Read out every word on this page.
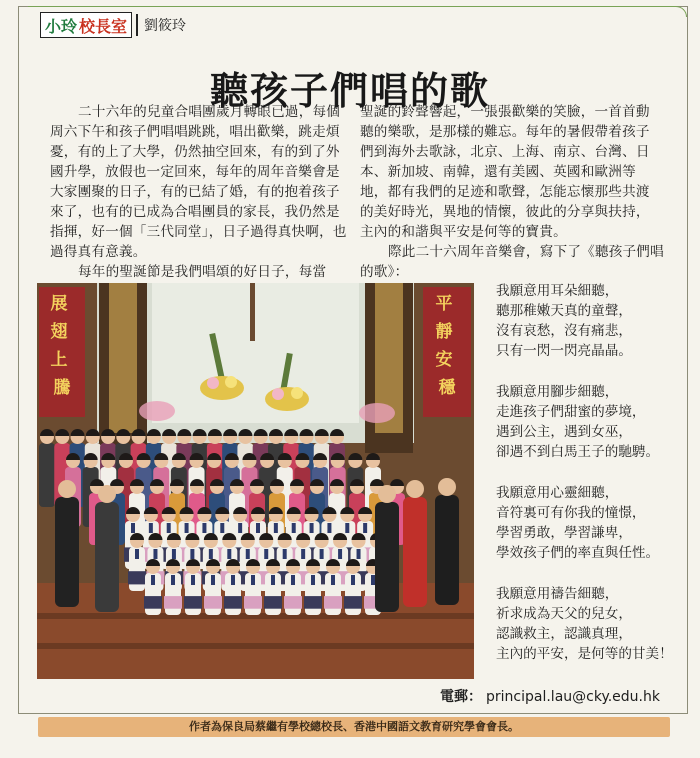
小玲 校長室 劉筱玲
聽孩子們唱的歌
二十六年的兒童合唱團歲月轉眼已過，每個
周六下午和孩子們唱唱跳跳，唱出歡樂，跳走煩
憂，有的上了大學，仍然抽空回來，有的到了外
國升學，放假也一定回來，每年的周年音樂會是
大家團聚的日子，有的已結了婚，有的抱着孩子
來了，也有的已成為合唱團員的家長，我仍然是
指揮，好一個「三代同堂」，日子過得真快啊，也
過得真有意義。
每年的聖誕節是我們唱頌的好日子，每當
聖誕的鈴聲響起，一張張歡樂的笑臉，一首首動
聽的樂歌，是那樣的難忘。每年的暑假帶着孩子
們到海外去歌詠，北京、上海、南京、台灣、日
本、新加坡、南韓，還有美國、英國和歐洲等
地，都有我們的足迹和歌聲，怎能忘懷那些共渡
的美好時光，異地的情懷，彼此的分享與扶持，
主內的和諧與平安是何等的寶貴。
際此二十六周年音樂會，寫下了《聽孩子們唱
的歌》：
展 翅 上 騰
平 靜 安 穩
我願意用耳朵細聽，
聽那稚嫩天真的童聲，
沒有哀愁，沒有痛悲，
只有一閃一閃亮晶晶。
我願意用腳步細聽，
走進孩子們甜蜜的夢境，
遇到公主，遇到女巫，
卻遇不到白馬王子的馳騁。
我願意用心靈細聽，
音符裏可有你我的憧憬，
學習勇敢，學習謙卑，
學效孩子們的率直與任性。
我願意用禱告細聽，
祈求成為天父的兒女，
認識救主，認識真理，
主內的平安，是何等的甘美！
電郵： principal.lau@cky.edu.hk
作者為保良局蔡繼有學校總校長、香港中國語文教育研究學會會長。
